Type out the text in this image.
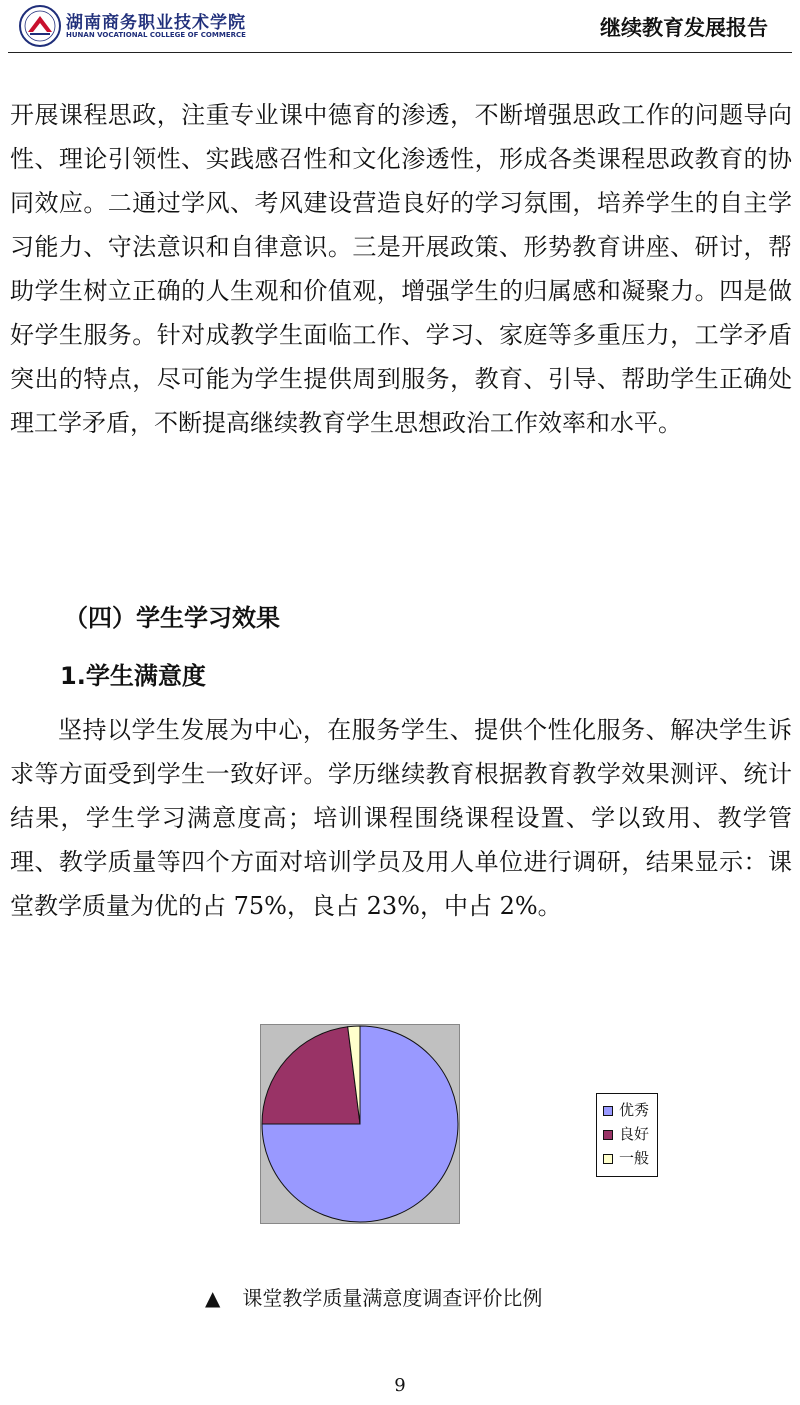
湖南商务职业技术学院
HUNAN VOCATIONAL COLLEGE OF COMMERCE	继续教育发展报告
开展课程思政，注重专业课中德育的渗透，不断增强思政工作的问题导向性、理论引领性、实践感召性和文化渗透性，形成各类课程思政教育的协同效应。二通过学风、考风建设营造良好的学习氛围，培养学生的自主学习能力、守法意识和自律意识。三是开展政策、形势教育讲座、研讨，帮助学生树立正确的人生观和价值观，增强学生的归属感和凝聚力。四是做好学生服务。针对成教学生面临工作、学习、家庭等多重压力，工学矛盾突出的特点，尽可能为学生提供周到服务，教育、引导、帮助学生正确处理工学矛盾，不断提高继续教育学生思想政治工作效率和水平。
（四）学生学习效果
1.学生满意度
坚持以学生发展为中心，在服务学生、提供个性化服务、解决学生诉求等方面受到学生一致好评。学历继续教育根据教育教学效果测评、统计结果，学生学习满意度高；培训课程围绕课程设置、学以致用、教学管理、教学质量等四个方面对培训学员及用人单位进行调研，结果显示：课堂教学质量为优的占 75%，良占 23%，中占 2%。
优秀
良好
一般
▲ 课堂教学质量满意度调查评价比例
9
